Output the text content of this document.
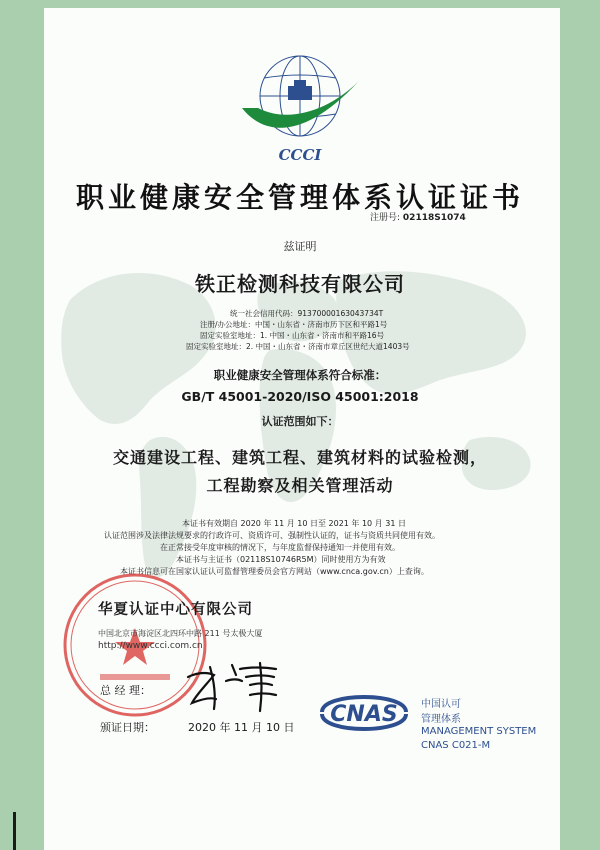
CCCI
职业健康安全管理体系认证证书
注册号: 02118S1074
兹证明
铁正检测科技有限公司
统一社会信用代码：91370000163043734T
注册/办公地址：中国・山东省・济南市历下区和平路1号
固定实验室地址：1. 中国・山东省・济南市和平路16号
固定实验室地址：2. 中国・山东省・济南市章丘区世纪大道1403号
职业健康安全管理体系符合标准：
GB/T 45001-2020/ISO 45001:2018
认证范围如下：
交通建设工程、建筑工程、建筑材料的试验检测，
工程勘察及相关管理活动
本证书有效期自 2020 年 11 月 10 日至 2021 年 10 月 31 日
认证范围涉及法律法规要求的行政许可、资质许可、强制性认证的，证书与资质共同使用有效。
在正常接受年度审核的情况下，与年度监督保持通知一并使用有效。
本证书与主证书（02118S10746R5M）同时使用方为有效
本证书信息可在国家认证认可监督管理委员会官方网站（www.cnca.gov.cn）上查询。
华夏认证中心有限公司
中国北京市海淀区北四环中路 211 号太极大厦
http://www.ccci.com.cn
总 经 理：
颁证日期：	2020 年 11 月 10 日
CNAS 中国认可
管理体系
MANAGEMENT SYSTEM
CNAS C021-M
